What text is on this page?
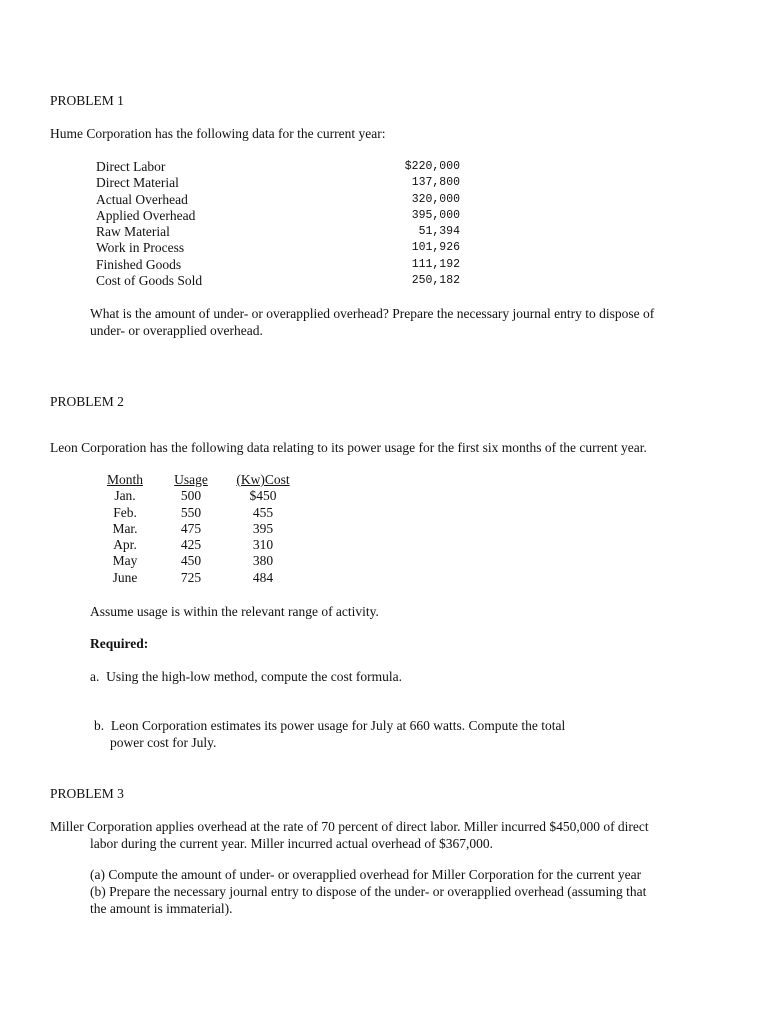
PROBLEM 1
Hume Corporation has the following data for the current year:
Direct Labor	$220,000
Direct Material	137,800
Actual Overhead	320,000
Applied Overhead	395,000
Raw Material	51,394
Work in Process	101,926
Finished Goods	111,192
Cost of Goods Sold	250,182
What is the amount of under- or overapplied overhead? Prepare the necessary journal entry to dispose of
under- or overapplied overhead.
PROBLEM 2
Leon Corporation has the following data relating to its power usage for the first six months of the current year.
Month	Usage	(Kw)Cost
Jan.	500	$450
Feb.	550	455
Mar.	475	395
Apr.	425	310
May	450	380
June	725	484
Assume usage is within the relevant range of activity.
Required:
a. Using the high-low method, compute the cost formula.
b. Leon Corporation estimates its power usage for July at 660 watts. Compute the total
power cost for July.
PROBLEM 3
Miller Corporation applies overhead at the rate of 70 percent of direct labor. Miller incurred $450,000 of direct
labor during the current year. Miller incurred actual overhead of $367,000.
(a) Compute the amount of under- or overapplied overhead for Miller Corporation for the current year
(b) Prepare the necessary journal entry to dispose of the under- or overapplied overhead (assuming that
the amount is immaterial).
